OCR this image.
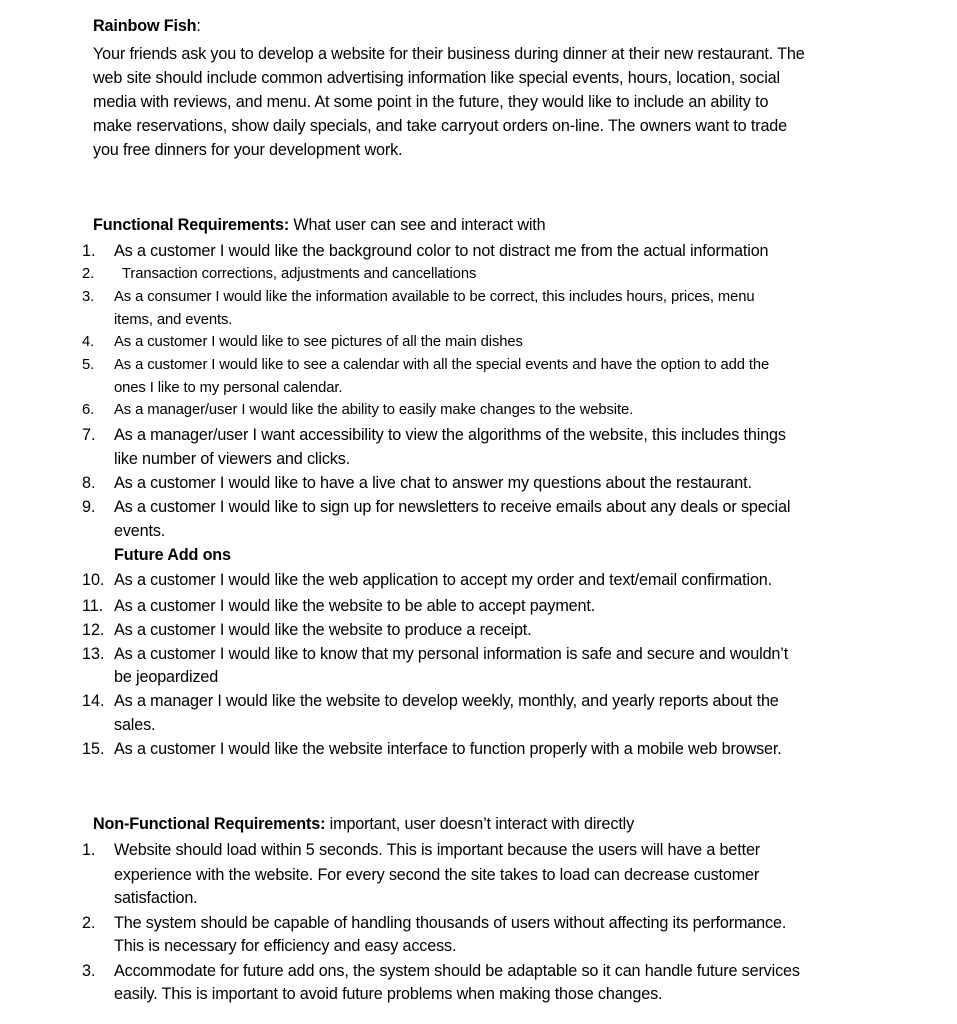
Rainbow Fish:
Your friends ask you to develop a website for their business during dinner at their new restaurant. The
web site should include common advertising information like special events, hours, location, social
media with reviews, and menu. At some point in the future, they would like to include an ability to
make reservations, show daily specials, and take carryout orders on-line. The owners want to trade
you free dinners for your development work.
Functional Requirements: What user can see and interact with
1. As a customer I would like the background color to not distract me from the actual information
2. Transaction corrections, adjustments and cancellations
3. As a consumer I would like the information available to be correct, this includes hours, prices, menu
items, and events.
4. As a customer I would like to see pictures of all the main dishes
5. As a customer I would like to see a calendar with all the special events and have the option to add the
ones I like to my personal calendar.
6. As a manager/user I would like the ability to easily make changes to the website.
7. As a manager/user I want accessibility to view the algorithms of the website, this includes things
like number of viewers and clicks.
8. As a customer I would like to have a live chat to answer my questions about the restaurant.
9. As a customer I would like to sign up for newsletters to receive emails about any deals or special
events.
Future Add ons
10. As a customer I would like the web application to accept my order and text/email confirmation.
11. As a customer I would like the website to be able to accept payment.
12. As a customer I would like the website to produce a receipt.
13. As a customer I would like to know that my personal information is safe and secure and wouldn’t
be jeopardized
14. As a manager I would like the website to develop weekly, monthly, and yearly reports about the
sales.
15. As a customer I would like the website interface to function properly with a mobile web browser.
Non-Functional Requirements: important, user doesn’t interact with directly
1. Website should load within 5 seconds. This is important because the users will have a better
experience with the website. For every second the site takes to load can decrease customer
satisfaction.
2. The system should be capable of handling thousands of users without affecting its performance.
This is necessary for efficiency and easy access.
3. Accommodate for future add ons, the system should be adaptable so it can handle future services
easily. This is important to avoid future problems when making those changes.
